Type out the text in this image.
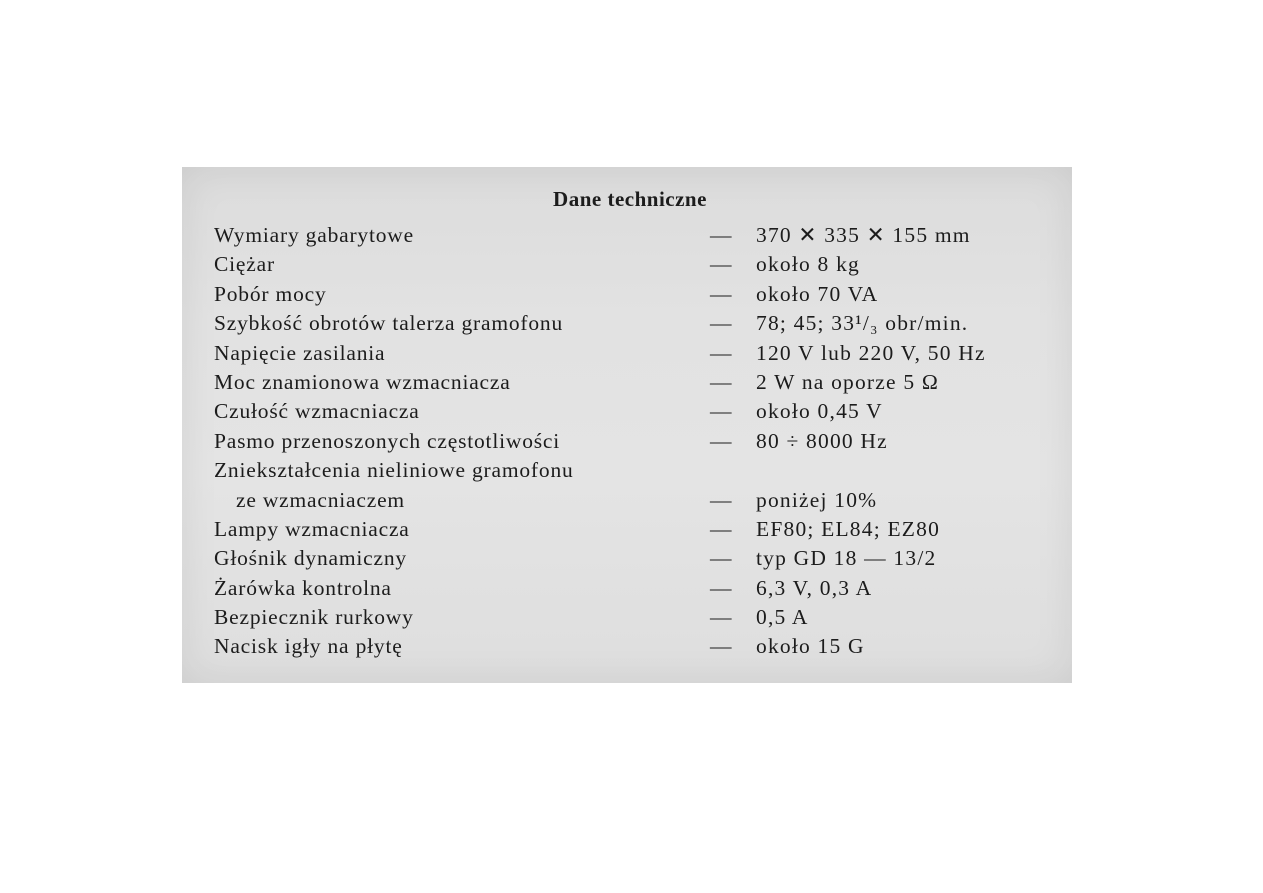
Dane techniczne
Wymiary gabarytowe	— 370 ✕ 335 ✕ 155 mm
Ciężar	— około 8 kg
Pobór mocy	— około 70 VA
Szybkość obrotów talerza gramofonu	— 78; 45; 33¹/₃ obr/min.
Napięcie zasilania	— 120 V lub 220 V, 50 Hz
Moc znamionowa wzmacniacza	— 2 W na oporze 5 Ω
Czułość wzmacniacza	— około 0,45 V
Pasmo przenoszonych częstotliwości	— 80 ÷ 8000 Hz
Zniekształcenia nieliniowe gramofonu
ze wzmacniaczem	— poniżej 10%
Lampy wzmacniacza	— EF80; EL84; EZ80
Głośnik dynamiczny	— typ GD 18 — 13/2
Żarówka kontrolna	— 6,3 V, 0,3 A
Bezpiecznik rurkowy	— 0,5 A
Nacisk igły na płytę	— około 15 G
